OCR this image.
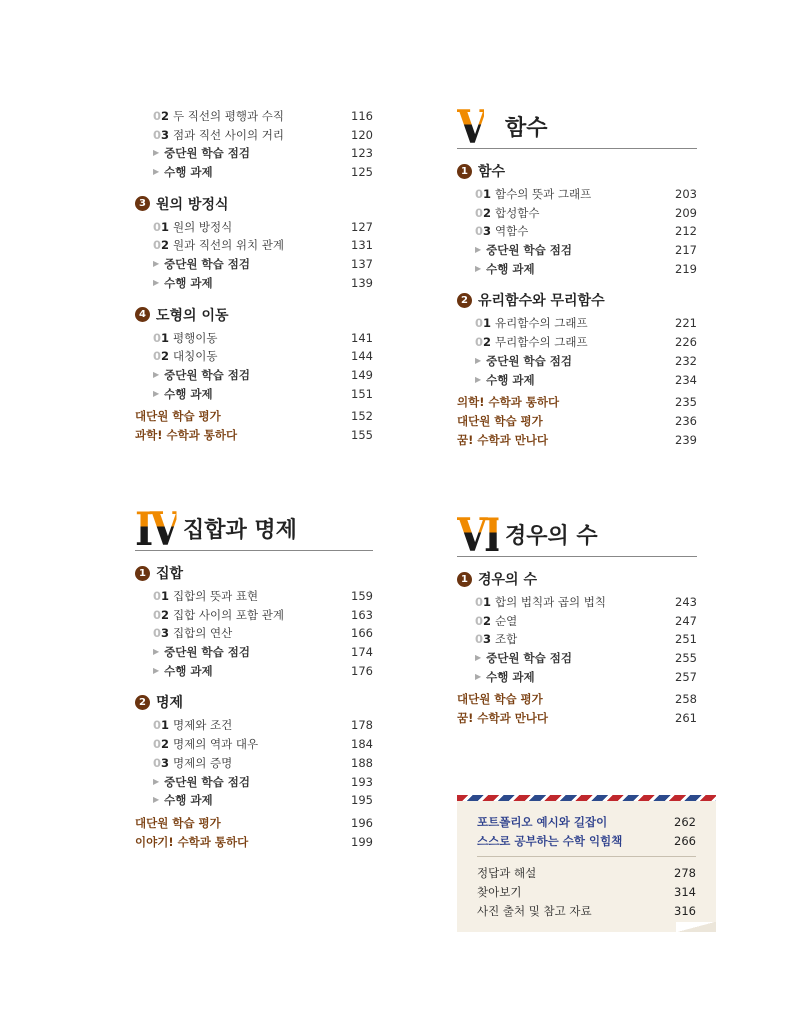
0 2 두 직선의 평행과 수직	116
0 3 점과 직선 사이의 거리	120
▶ 중단원 학습 점검	123
▶ 수행 과제	125
3 원의 방정식
0 1 원의 방정식	127
0 2 원과 직선의 위치 관계	131
▶ 중단원 학습 점검	137
▶ 수행 과제	139
4 도형의 이동
0 1 평행이동	141
0 2 대칭이동	144
▶ 중단원 학습 점검	149
▶ 수행 과제	151
대단원 학습 평가	152
과학! 수학과 통하다	155
V 함수
1 함수
0 1 함수의 뜻과 그래프	203
0 2 합성함수	209
0 3 역함수	212
▶ 중단원 학습 점검	217
▶ 수행 과제	219
2 유리함수와 무리함수
0 1 유리함수의 그래프	221
0 2 무리함수의 그래프	226
▶ 중단원 학습 점검	232
▶ 수행 과제	234
의학! 수학과 통하다	235
대단원 학습 평가	236
꿈! 수학과 만나다	239
IV 집합과 명제
1 집합
0 1 집합의 뜻과 표현	159
0 2 집합 사이의 포함 관계	163
0 3 집합의 연산	166
▶ 중단원 학습 점검	174
▶ 수행 과제	176
2 명제
0 1 명제와 조건	178
0 2 명제의 역과 대우	184
0 3 명제의 증명	188
▶ 중단원 학습 점검	193
▶ 수행 과제	195
대단원 학습 평가	196
이야기! 수학과 통하다	199
VI 경우의 수
1 경우의 수
0 1 합의 법칙과 곱의 법칙	243
0 2 순열	247
0 3 조합	251
▶ 중단원 학습 점검	255
▶ 수행 과제	257
대단원 학습 평가	258
꿈! 수학과 만나다	261
포트폴리오 예시와 길잡이	262
스스로 공부하는 수학 익힘책	266
정답과 해설	278
찾아보기	314
사진 출처 및 참고 자료	316
